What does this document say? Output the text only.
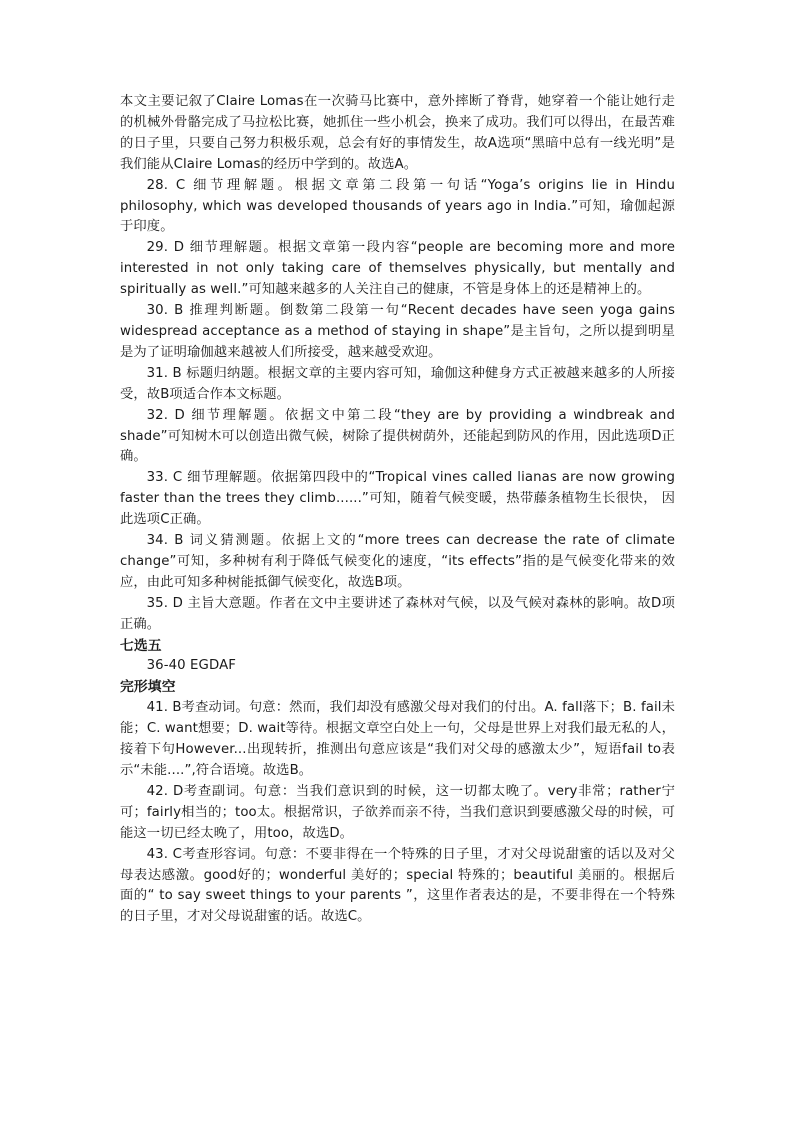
本文主要记叙了Claire Lomas在一次骑马比赛中，意外摔断了脊背，她穿着一个能让她行走的机械外骨骼完成了马拉松比赛，她抓住一些小机会，换来了成功。我们可以得出，在最苦难的日子里，只要自己努力积极乐观，总会有好的事情发生，故A选项“黑暗中总有一线光明”是我们能从Claire Lomas的经历中学到的。故选A。

28. C 细节理解题。根据文章第二段第一句话“Yoga’s origins lie in Hindu philosophy, which was developed thousands of years ago in India.”可知，瑜伽起源于印度。

29. D 细节理解题。根据文章第一段内容“people are becoming more and more interested in not only taking care of themselves physically, but mentally and spiritually as well.”可知越来越多的人关注自己的健康，不管是身体上的还是精神上的。

30. B 推理判断题。倒数第二段第一句“Recent decades have seen yoga gains widespread acceptance as a method of staying in shape”是主旨句，之所以提到明星是为了证明瑜伽越来越被人们所接受，越来越受欢迎。

31. B 标题归纳题。根据文章的主要内容可知，瑜伽这种健身方式正被越来越多的人所接受，故B项适合作本文标题。

32. D 细节理解题。依据文中第二段“they are by providing a windbreak and shade”可知树木可以创造出微气候，树除了提供树荫外，还能起到防风的作用，因此选项D正确。

33. C 细节理解题。依据第四段中的“Tropical vines called lianas are now growing faster than the trees they climb......”可知，随着气候变暖，热带藤条植物生长很快， 因此选项C正确。

34. B 词义猜测题。依据上文的“more trees can decrease the rate of climate change”可知，多种树有利于降低气候变化的速度，“its effects”指的是气候变化带来的效应，由此可知多种树能抵御气候变化，故选B项。

35. D 主旨大意题。作者在文中主要讲述了森林对气候，以及气候对森林的影响。故D项正确。

七选五

36-40 EGDAF

完形填空

41. B考查动词。句意：然而，我们却没有感激父母对我们的付出。A. fall落下；B. fail未能；C. want想要；D. wait等待。根据文章空白处上一句，父母是世界上对我们最无私的人，接着下句However...出现转折，推测出句意应该是“我们对父母的感激太少”，短语fail to表示“未能....”,符合语境。故选B。

42. D考查副词。句意：当我们意识到的时候，这一切都太晚了。very非常；rather宁可；fairly相当的；too太。根据常识，子欲养而亲不待，当我们意识到要感激父母的时候，可能这一切已经太晚了，用too，故选D。

43. C考查形容词。句意：不要非得在一个特殊的日子里，才对父母说甜蜜的话以及对父母表达感激。good好的；wonderful 美好的；special 特殊的；beautiful 美丽的。根据后面的“ to say sweet things to your parents ”，这里作者表达的是，不要非得在一个特殊的日子里，才对父母说甜蜜的话。故选C。
